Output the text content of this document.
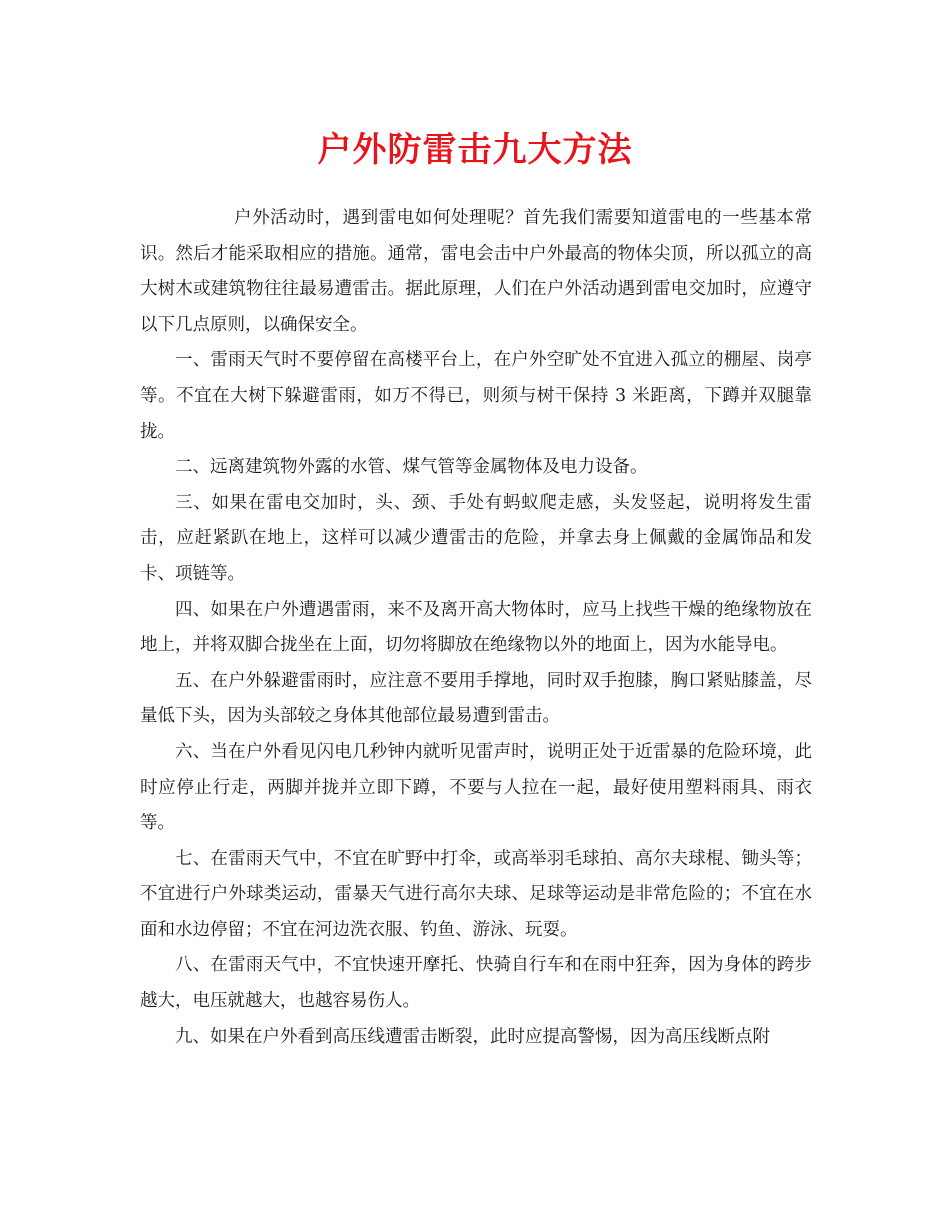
户外防雷击九大方法

户外活动时，遇到雷电如何处理呢？首先我们需要知道雷电的一些基本常识。然后才能采取相应的措施。通常，雷电会击中户外最高的物体尖顶，所以孤立的高大树木或建筑物往往最易遭雷击。据此原理，人们在户外活动遇到雷电交加时，应遵守以下几点原则，以确保安全。

一、雷雨天气时不要停留在高楼平台上，在户外空旷处不宜进入孤立的棚屋、岗亭等。不宜在大树下躲避雷雨，如万不得已，则须与树干保持 3 米距离，下蹲并双腿靠拢。

二、远离建筑物外露的水管、煤气管等金属物体及电力设备。

三、如果在雷电交加时，头、颈、手处有蚂蚁爬走感，头发竖起，说明将发生雷击，应赶紧趴在地上，这样可以减少遭雷击的危险，并拿去身上佩戴的金属饰品和发卡、项链等。

四、如果在户外遭遇雷雨，来不及离开高大物体时，应马上找些干燥的绝缘物放在地上，并将双脚合拢坐在上面，切勿将脚放在绝缘物以外的地面上，因为水能导电。

五、在户外躲避雷雨时，应注意不要用手撑地，同时双手抱膝，胸口紧贴膝盖，尽量低下头，因为头部较之身体其他部位最易遭到雷击。

六、当在户外看见闪电几秒钟内就听见雷声时，说明正处于近雷暴的危险环境，此时应停止行走，两脚并拢并立即下蹲，不要与人拉在一起，最好使用塑料雨具、雨衣等。

七、在雷雨天气中，不宜在旷野中打伞，或高举羽毛球拍、高尔夫球棍、锄头等；不宜进行户外球类运动，雷暴天气进行高尔夫球、足球等运动是非常危险的；不宜在水面和水边停留；不宜在河边洗衣服、钓鱼、游泳、玩耍。

八、在雷雨天气中，不宜快速开摩托、快骑自行车和在雨中狂奔，因为身体的跨步越大，电压就越大，也越容易伤人。

九、如果在户外看到高压线遭雷击断裂，此时应提高警惕，因为高压线断点附
